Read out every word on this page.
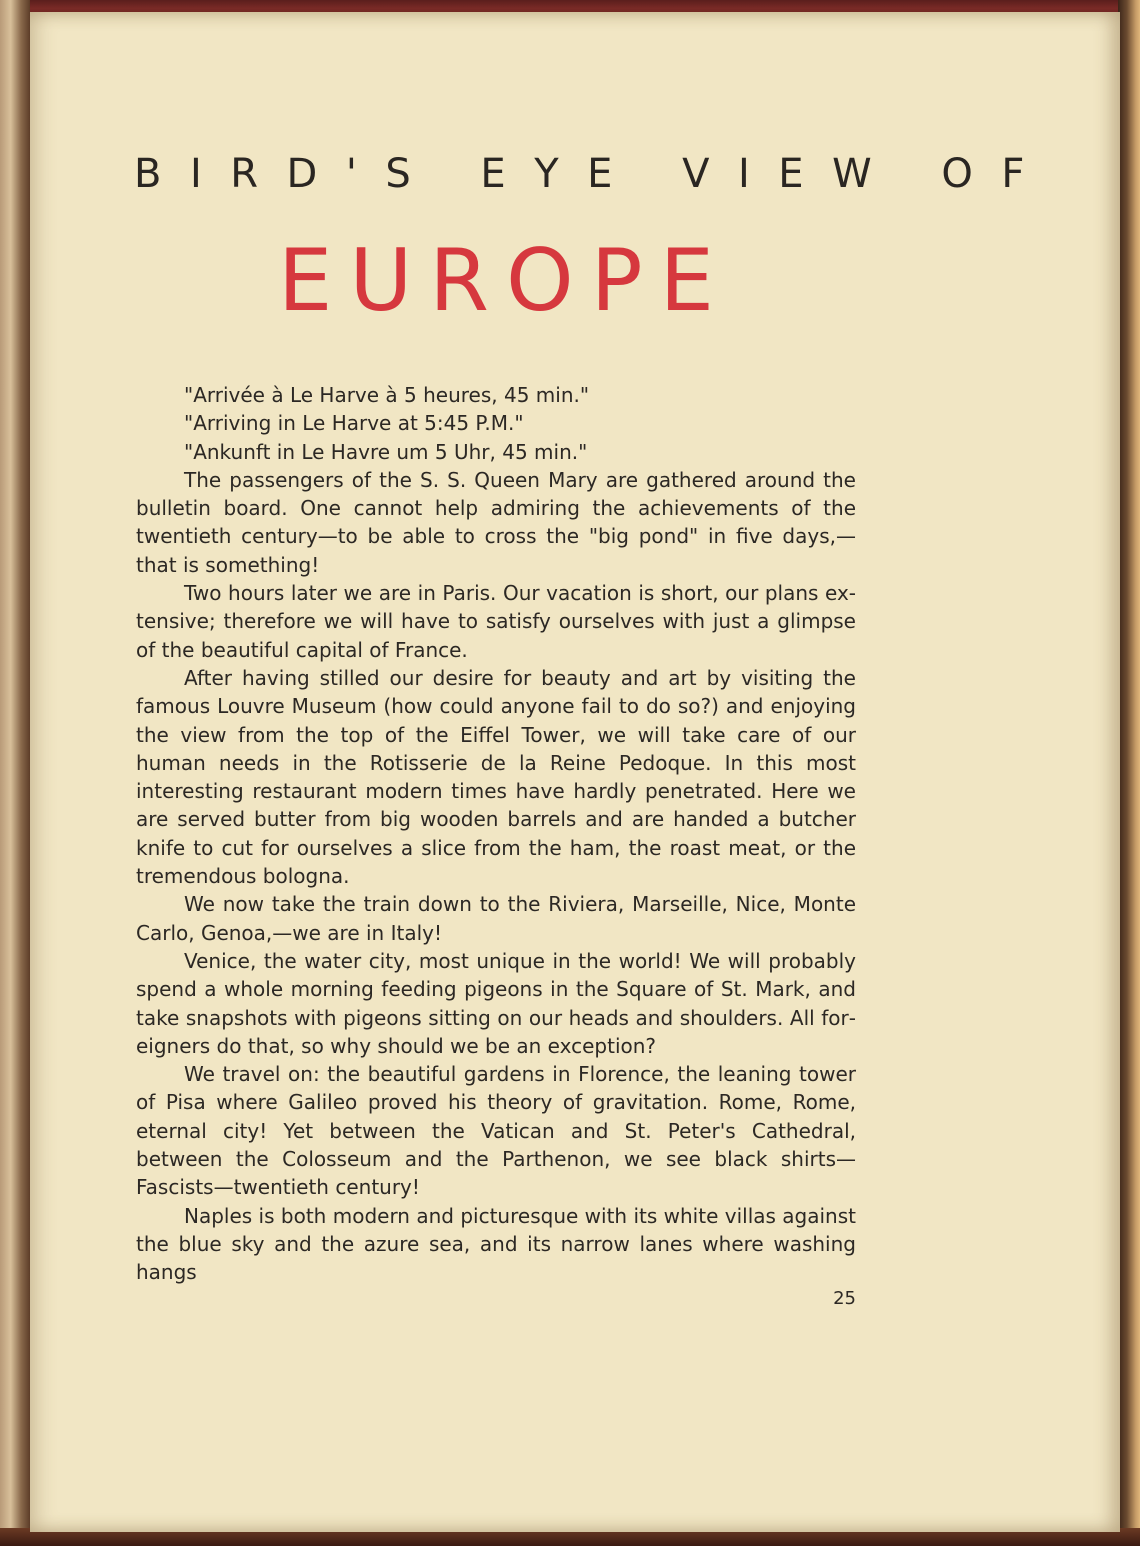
BIRD'S EYE VIEW OF
EUROPE

"Arrivée à Le Harve à 5 heures, 45 min."

"Arriving in Le Harve at 5:45 P.M."

"Ankunft in Le Havre um 5 Uhr, 45 min."

The passengers of the S. S. Queen Mary are gathered around the bulletin board. One cannot help admiring the achievements of the twentieth century—to be able to cross the "big pond" in five days,—that is something!

Two hours later we are in Paris. Our vacation is short, our plans extensive; therefore we will have to satisfy ourselves with just a glimpse of the beautiful capital of France.

After having stilled our desire for beauty and art by visiting the famous Louvre Museum (how could anyone fail to do so?) and enjoying the view from the top of the Eiffel Tower, we will take care of our human needs in the Rotisserie de la Reine Pedoque. In this most interesting restaurant modern times have hardly penetrated. Here we are served butter from big wooden barrels and are handed a butcher knife to cut for ourselves a slice from the ham, the roast meat, or the tremendous bologna.

We now take the train down to the Riviera, Marseille, Nice, Monte Carlo, Genoa,—we are in Italy!

Venice, the water city, most unique in the world! We will probably spend a whole morning feeding pigeons in the Square of St. Mark, and take snapshots with pigeons sitting on our heads and shoulders. All foreigners do that, so why should we be an exception?

We travel on: the beautiful gardens in Florence, the leaning tower of Pisa where Galileo proved his theory of gravitation. Rome, Rome, eternal city! Yet between the Vatican and St. Peter's Cathedral, between the Colosseum and the Parthenon, we see black shirts—Fascists—twentieth century!

Naples is both modern and picturesque with its white villas against the blue sky and the azure sea, and its narrow lanes where washing hangs

25
